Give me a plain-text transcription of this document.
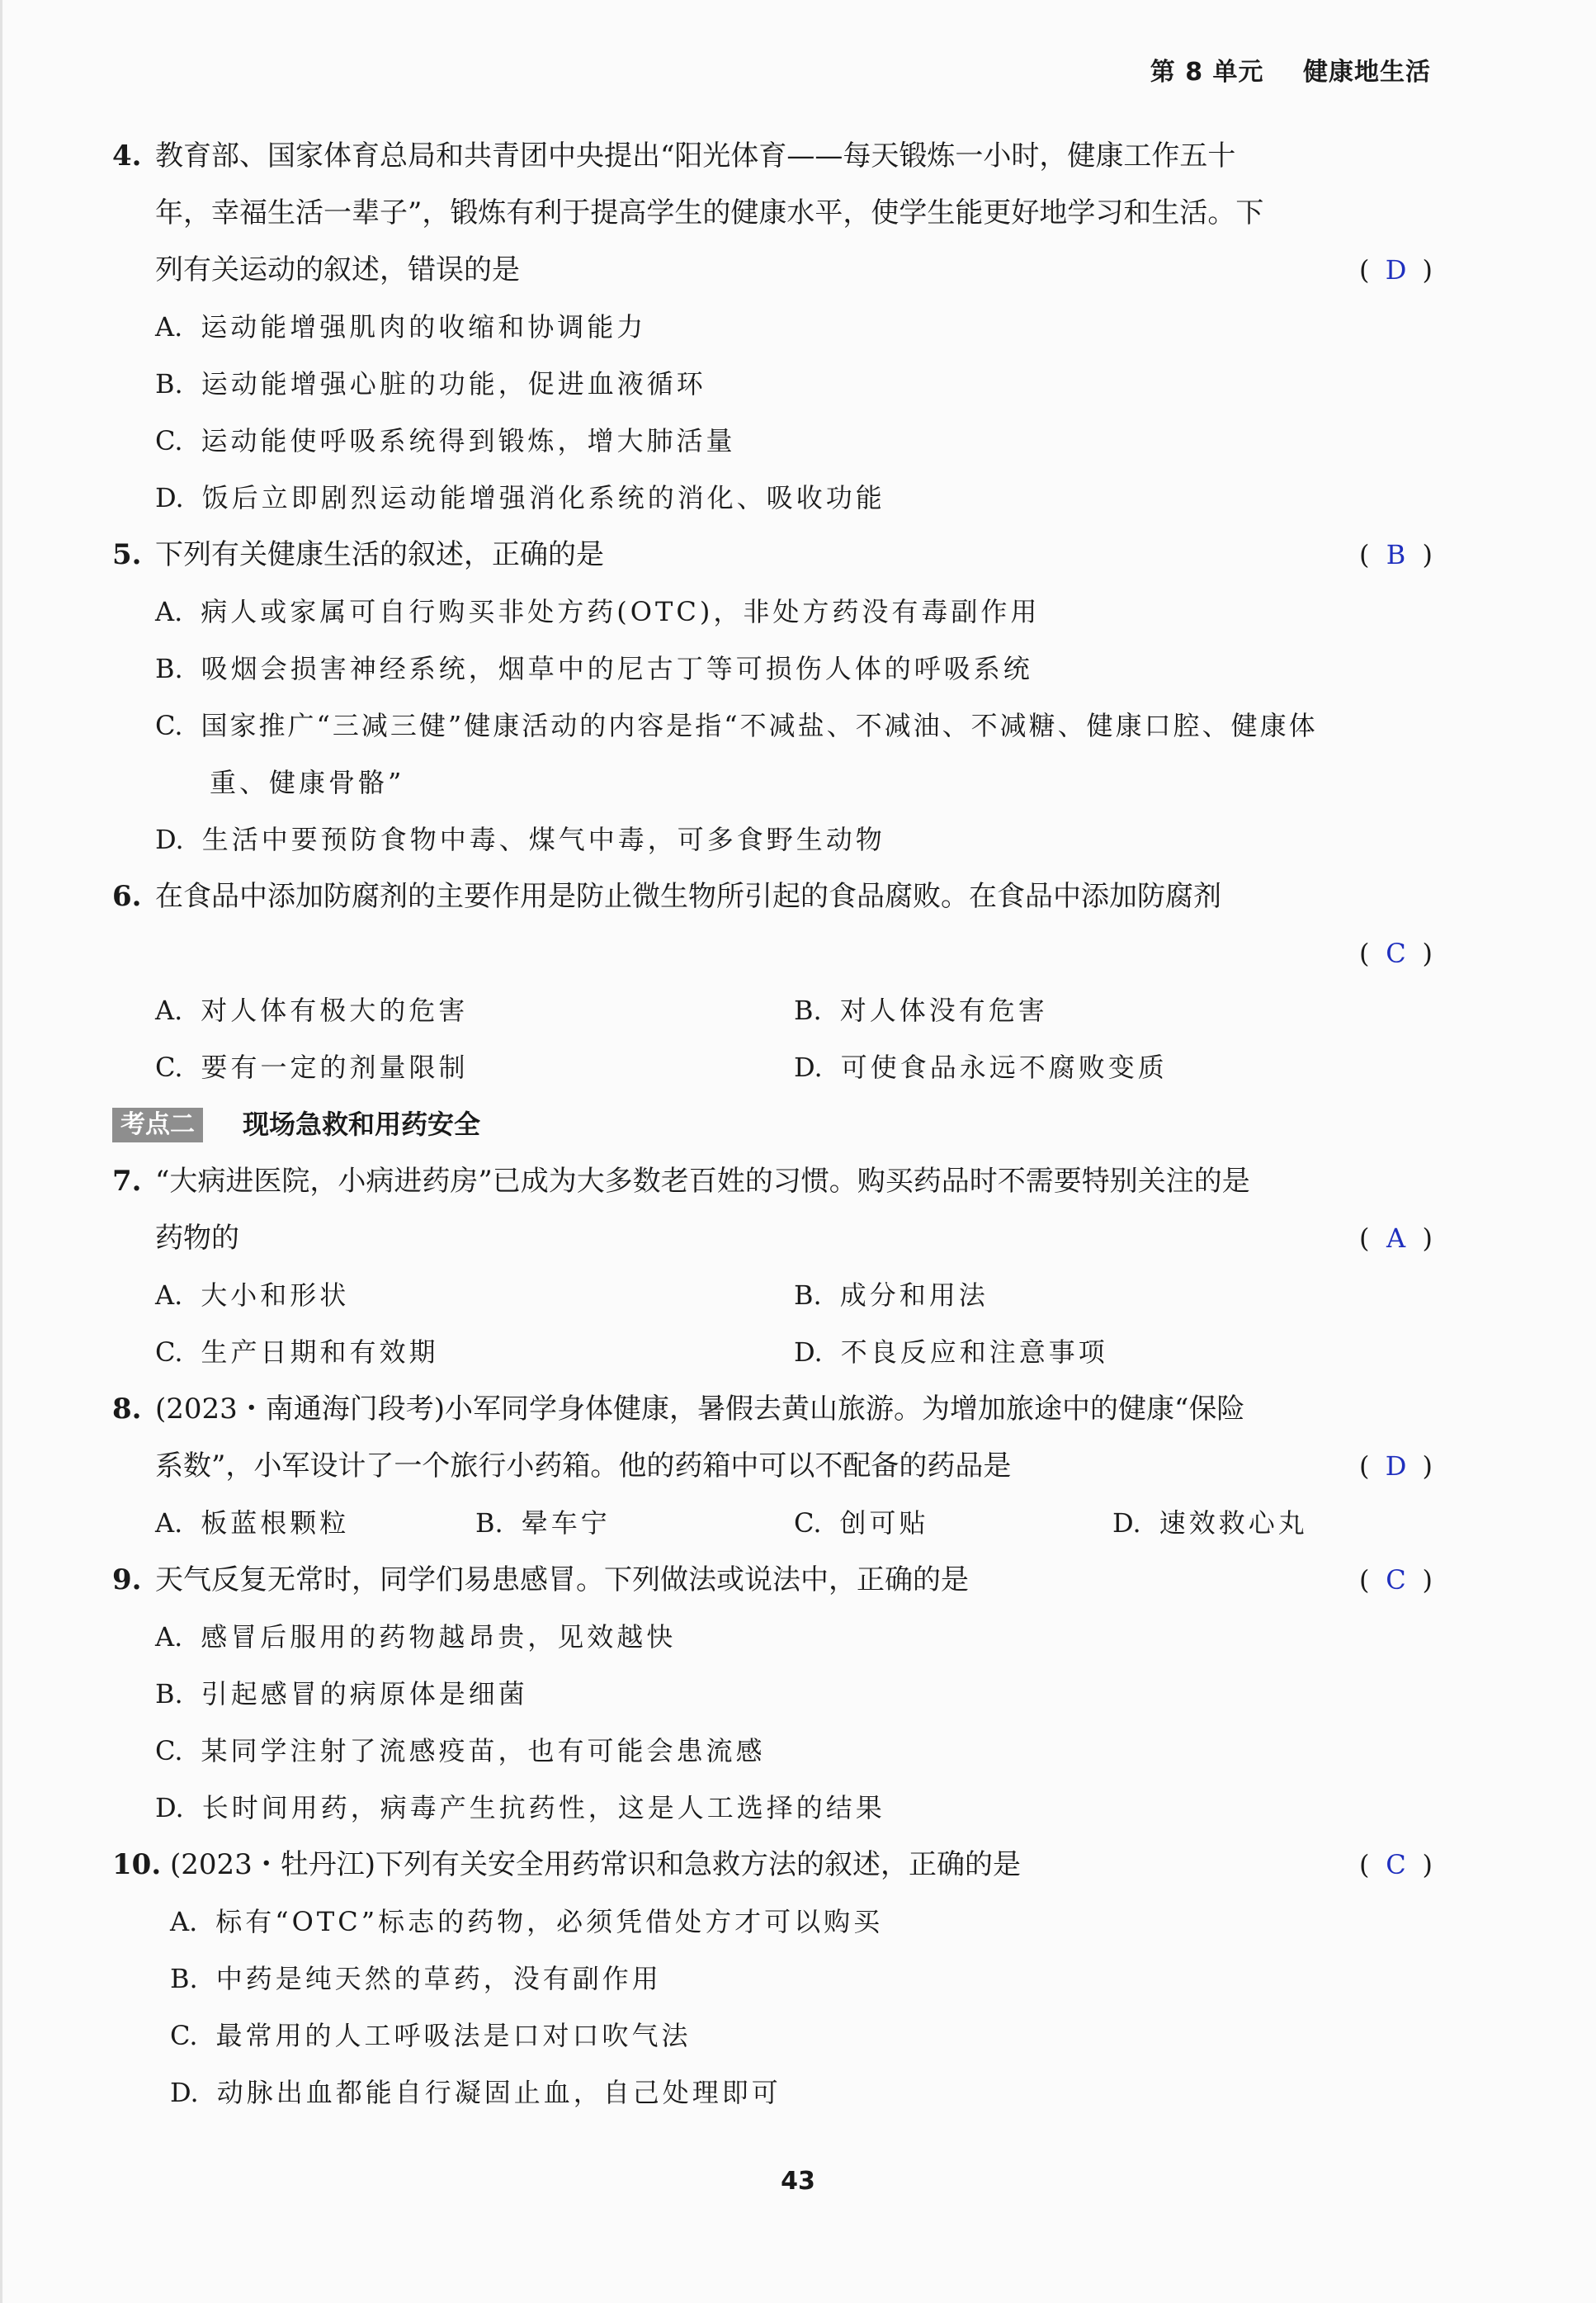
第 8 单元 健康地生活
4. 教育部、国家体育总局和共青团中央提出“阳光体育——每天锻炼一小时，健康工作五十
年，幸福生活一辈子”，锻炼有利于提高学生的健康水平，使学生能更好地学习和生活。下
列有关运动的叙述，错误的是	( D )
A. 运动能增强肌肉的收缩和协调能力
B. 运动能增强心脏的功能，促进血液循环
C. 运动能使呼吸系统得到锻炼，增大肺活量
D. 饭后立即剧烈运动能增强消化系统的消化、吸收功能
5. 下列有关健康生活的叙述，正确的是	( B )
A. 病人或家属可自行购买非处方药(OTC)，非处方药没有毒副作用
B. 吸烟会损害神经系统，烟草中的尼古丁等可损伤人体的呼吸系统
C. 国家推广“三减三健”健康活动的内容是指“不减盐、不减油、不减糖、健康口腔、健康体
重、健康骨骼”
D. 生活中要预防食物中毒、煤气中毒，可多食野生动物
6. 在食品中添加防腐剂的主要作用是防止微生物所引起的食品腐败。在食品中添加防腐剂
( C )
A. 对人体有极大的危害	B. 对人体没有危害
C. 要有一定的剂量限制	D. 可使食品永远不腐败变质
考点二	现场急救和用药安全
7. “大病进医院，小病进药房”已成为大多数老百姓的习惯。购买药品时不需要特别关注的是
药物的	( A )
A. 大小和形状	B. 成分和用法
C. 生产日期和有效期	D. 不良反应和注意事项
8. (2023・南通海门段考)小军同学身体健康，暑假去黄山旅游。为增加旅途中的健康“保险
系数”，小军设计了一个旅行小药箱。他的药箱中可以不配备的药品是	( D )
A. 板蓝根颗粒	B. 晕车宁	C. 创可贴	D. 速效救心丸
9. 天气反复无常时，同学们易患感冒。下列做法或说法中，正确的是	( C )
A. 感冒后服用的药物越昂贵，见效越快
B. 引起感冒的病原体是细菌
C. 某同学注射了流感疫苗，也有可能会患流感
D. 长时间用药，病毒产生抗药性，这是人工选择的结果
10. (2023・牡丹江)下列有关安全用药常识和急救方法的叙述，正确的是	( C )
A. 标有“OTC”标志的药物，必须凭借处方才可以购买
B. 中药是纯天然的草药，没有副作用
C. 最常用的人工呼吸法是口对口吹气法
D. 动脉出血都能自行凝固止血，自己处理即可
43
